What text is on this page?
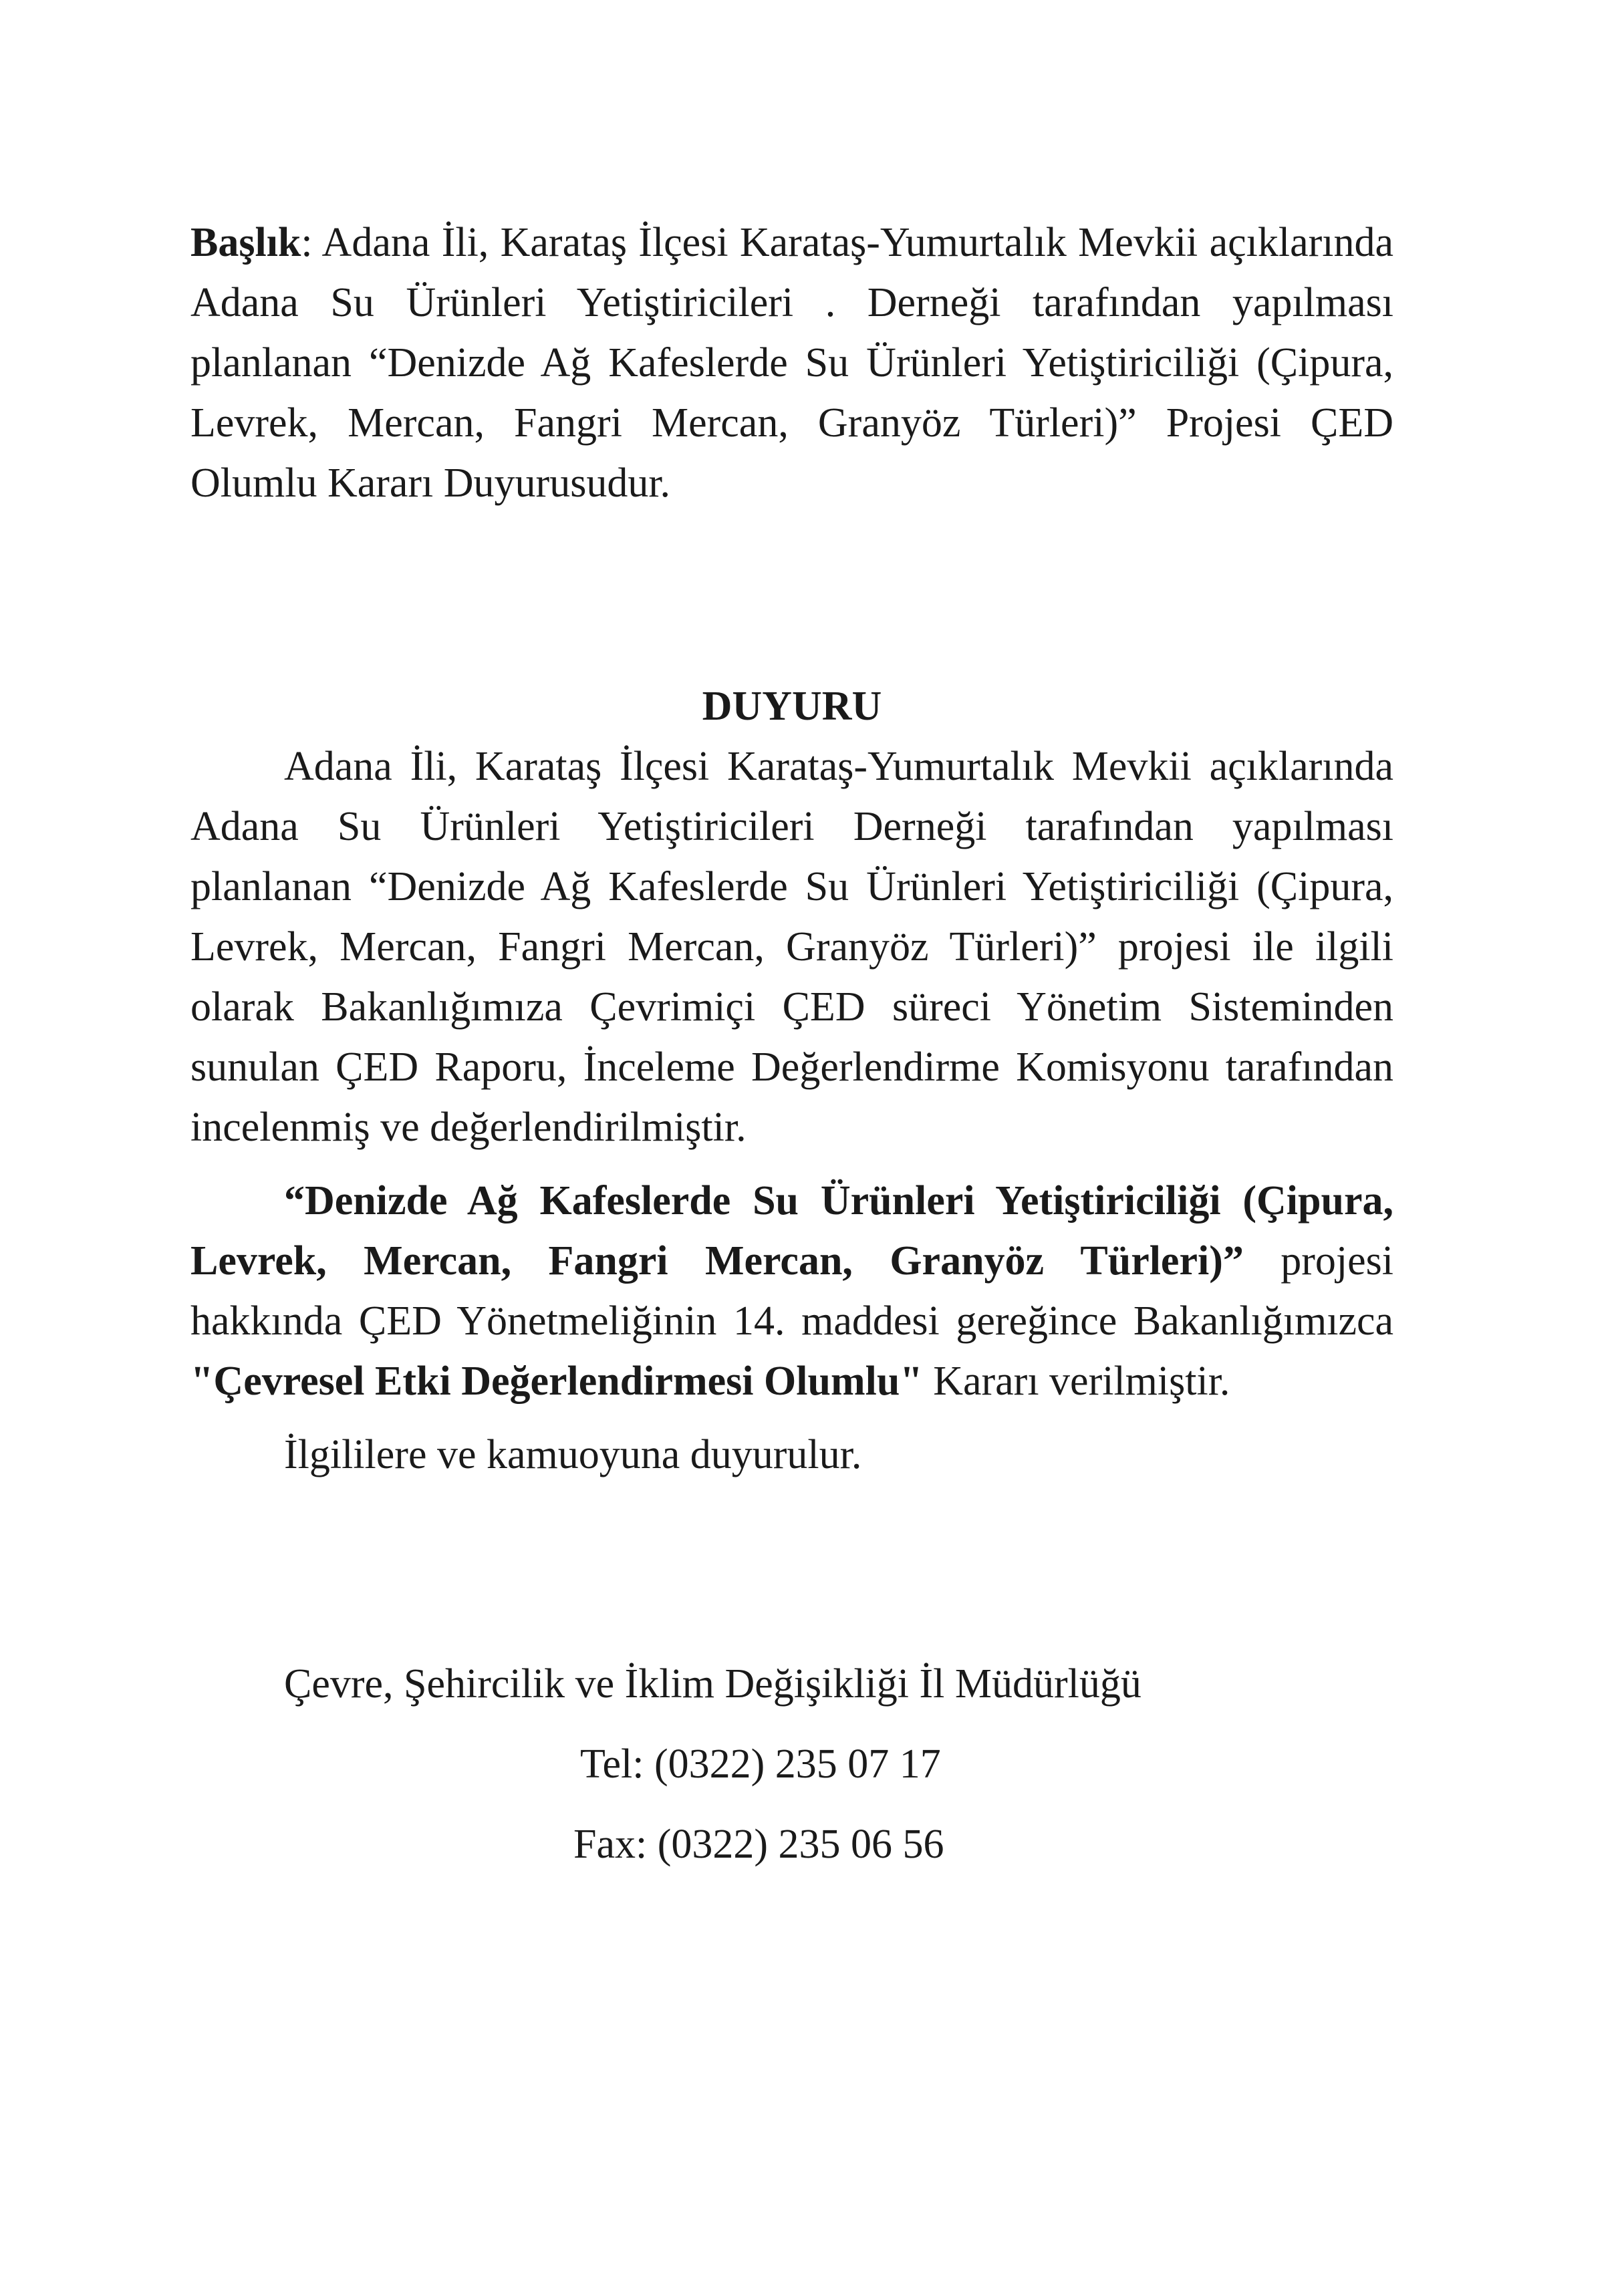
Başlık: Adana İli, Karataş İlçesi Karataş-Yumurtalık Mevkii açıklarında Adana Su Ürünleri Yetiştiricileri . Derneği tarafından yapılması planlanan “Denizde Ağ Kafeslerde Su Ürünleri Yetiştiriciliği (Çipura, Levrek, Mercan, Fangri Mercan, Granyöz Türleri)” Projesi ÇED Olumlu Kararı Duyurusudur.

DUYURU

Adana İli, Karataş İlçesi Karataş-Yumurtalık Mevkii açıklarında Adana Su Ürünleri Yetiştiricileri Derneği tarafından yapılması planlanan “Denizde Ağ Kafeslerde Su Ürünleri Yetiştiriciliği (Çipura, Levrek, Mercan, Fangri Mercan, Granyöz Türleri)” projesi ile ilgili olarak Bakanlığımıza Çevrimiçi ÇED süreci Yönetim Sisteminden sunulan ÇED Raporu, İnceleme Değerlendirme Komisyonu tarafından incelenmiş ve değerlendirilmiştir.

“Denizde Ağ Kafeslerde Su Ürünleri Yetiştiriciliği (Çipura, Levrek, Mercan, Fangri Mercan, Granyöz Türleri)” projesi hakkında ÇED Yönetmeliğinin 14. maddesi gereğince Bakanlığımızca "Çevresel Etki Değerlendirmesi Olumlu" Kararı verilmiştir.

İlgililere ve kamuoyuna duyurulur.

Çevre, Şehircilik ve İklim Değişikliği İl Müdürlüğü
Tel: (0322) 235 07 17
Fax: (0322) 235 06 56
